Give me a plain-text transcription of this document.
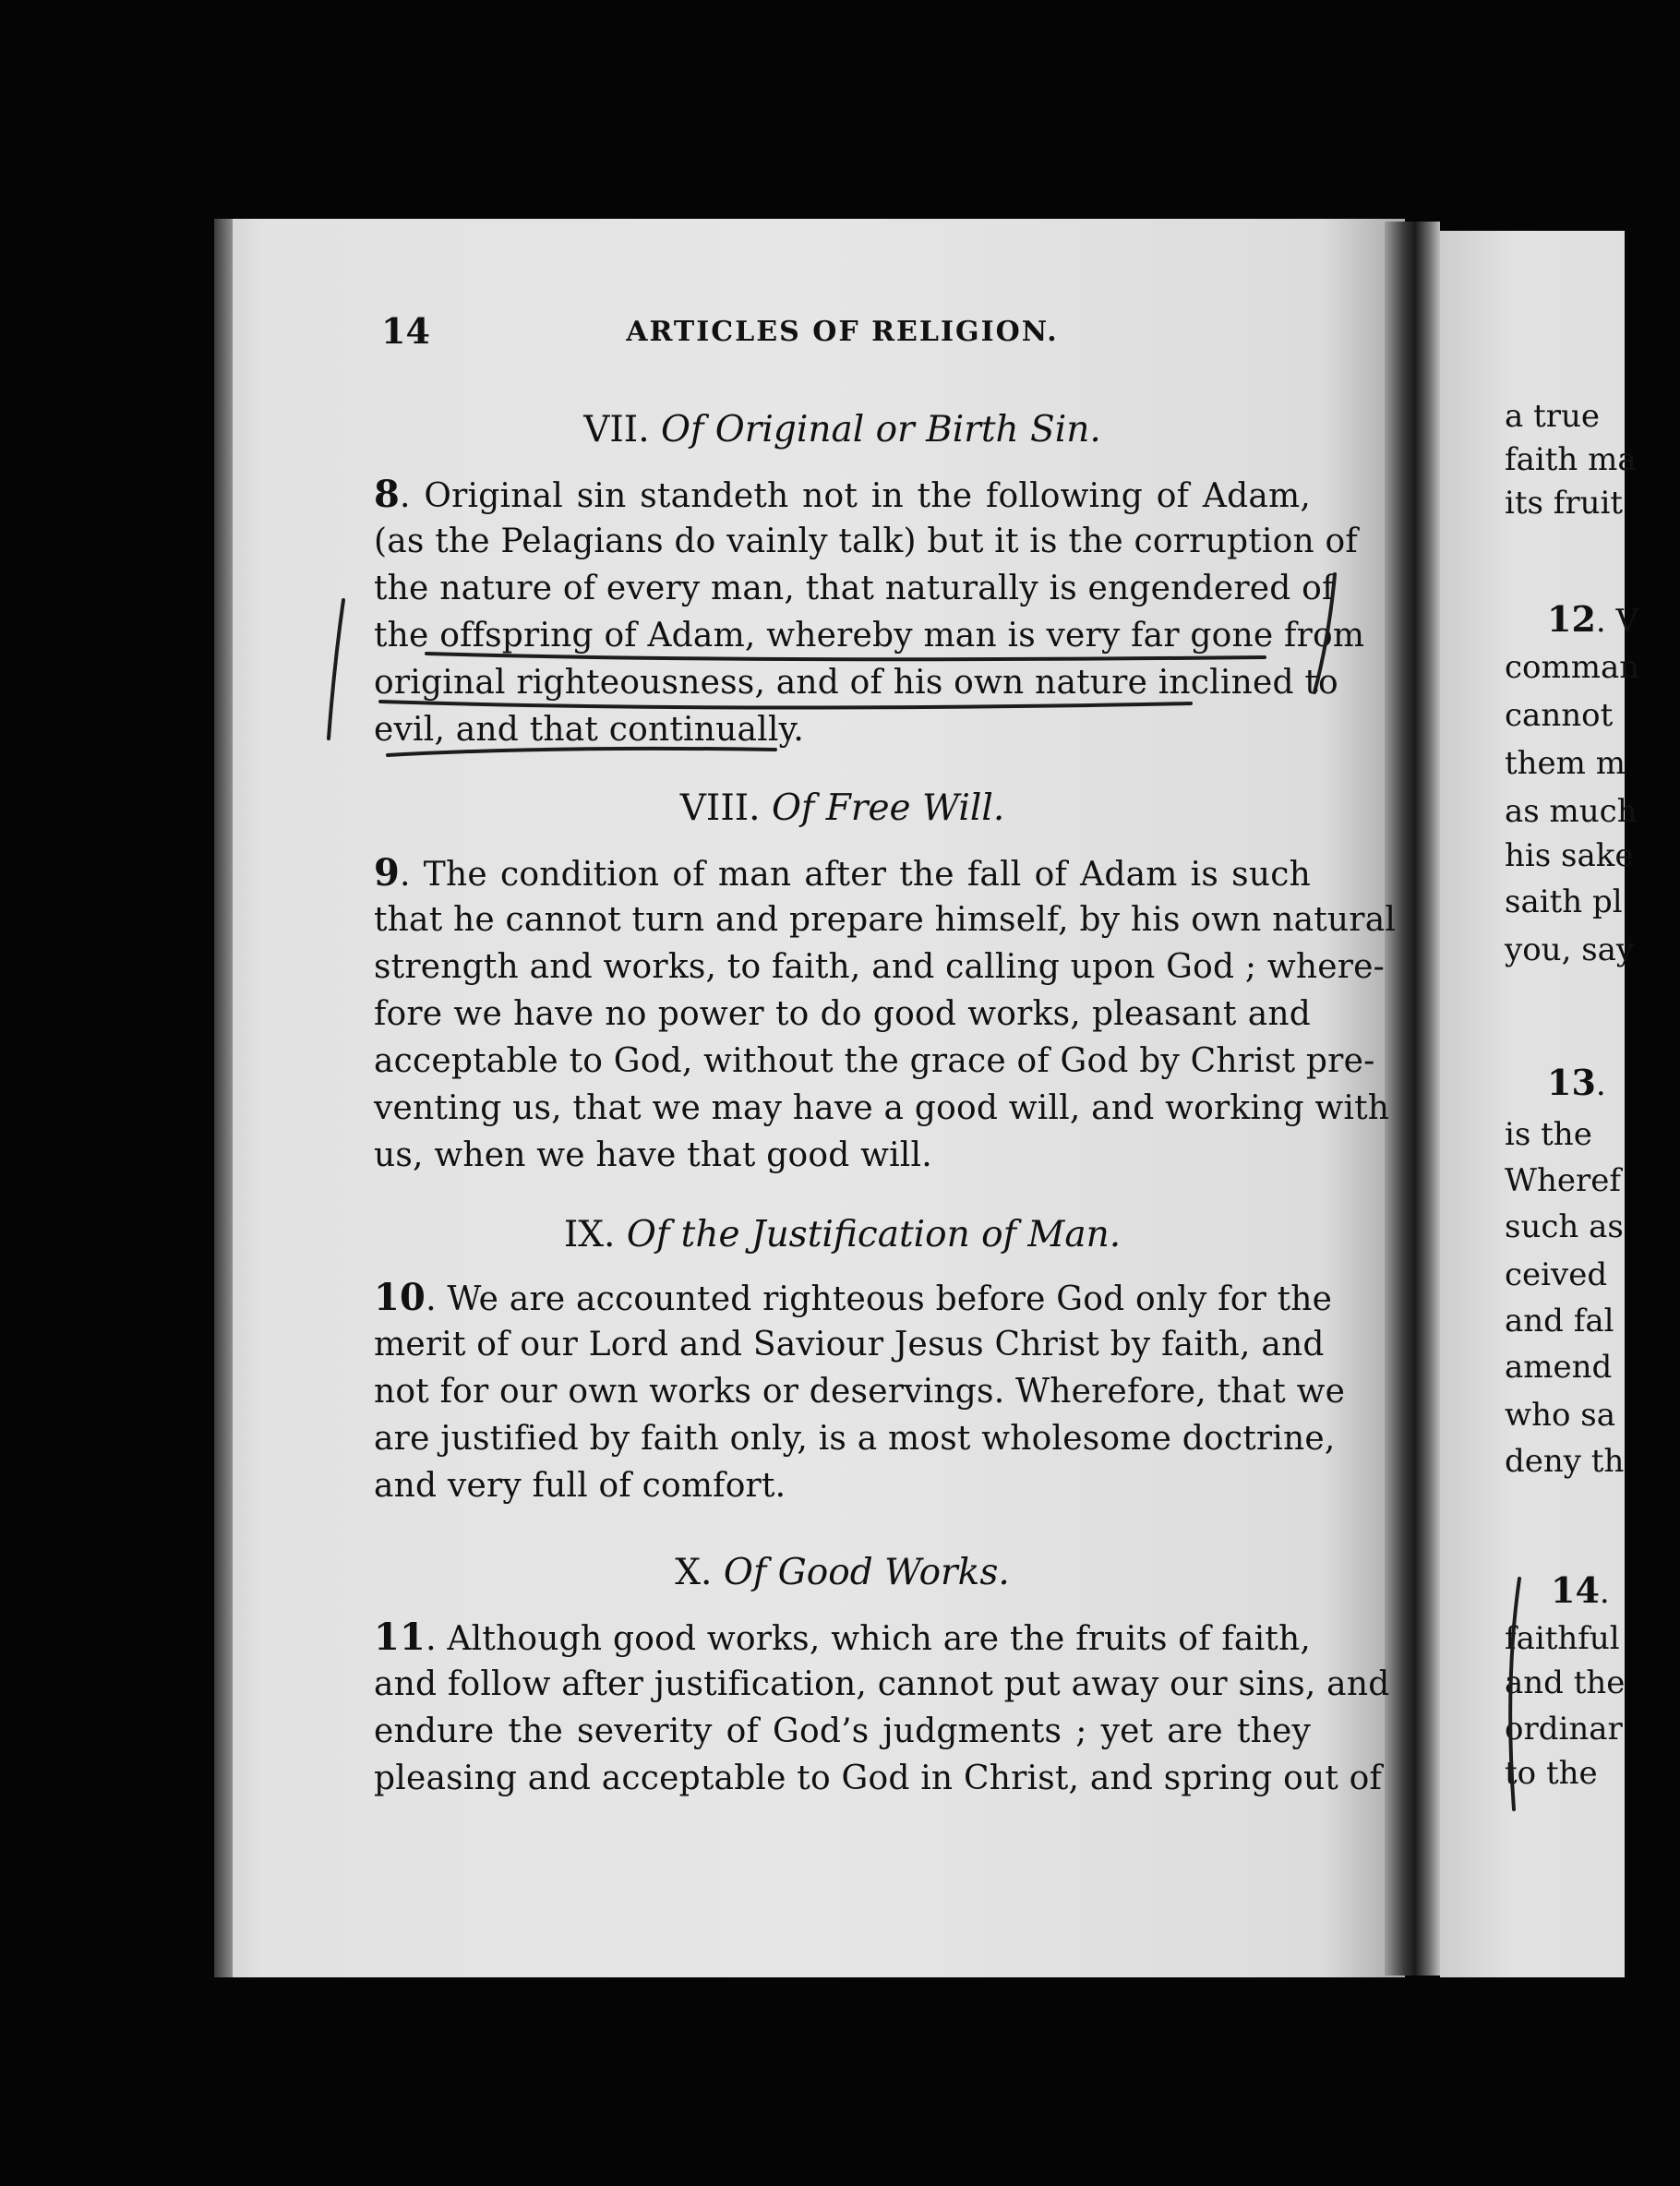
14	ARTICLES OF RELIGION.
VII. Of Original or Birth Sin.
8. Original sin standeth not in the following of Adam,
(as the Pelagians do vainly talk) but it is the corruption of
the nature of every man, that naturally is engendered of
the offspring of Adam, whereby man is very far gone from
original righteousness, and of his own nature inclined to
evil, and that continually.
VIII. Of Free Will.
9. The condition of man after the fall of Adam is such
that he cannot turn and prepare himself, by his own natural
strength and works, to faith, and calling upon God ; where-
fore we have no power to do good works, pleasant and
acceptable to God, without the grace of God by Christ pre-
venting us, that we may have a good will, and working with
us, when we have that good will.
IX. Of the Justification of Man.
10. We are accounted righteous before God only for the
merit of our Lord and Saviour Jesus Christ by faith, and
not for our own works or deservings. Wherefore, that we
are justified by faith only, is a most wholesome doctrine,
and very full of comfort.
X. Of Good Works.
11. Although good works, which are the fruits of faith,
and follow after justification, cannot put away our sins, and
endure the severity of God’s judgments ; yet are they
pleasing and acceptable to God in Christ, and spring out of
a true
faith ma
its fruit
12. V
comman
cannot
them m
as much
his sake
saith pl
you, say
13.
is the
Wheref
such as
ceived
and fal
amend
who sa
deny th
14.
faithful
and the
ordinar
to the
